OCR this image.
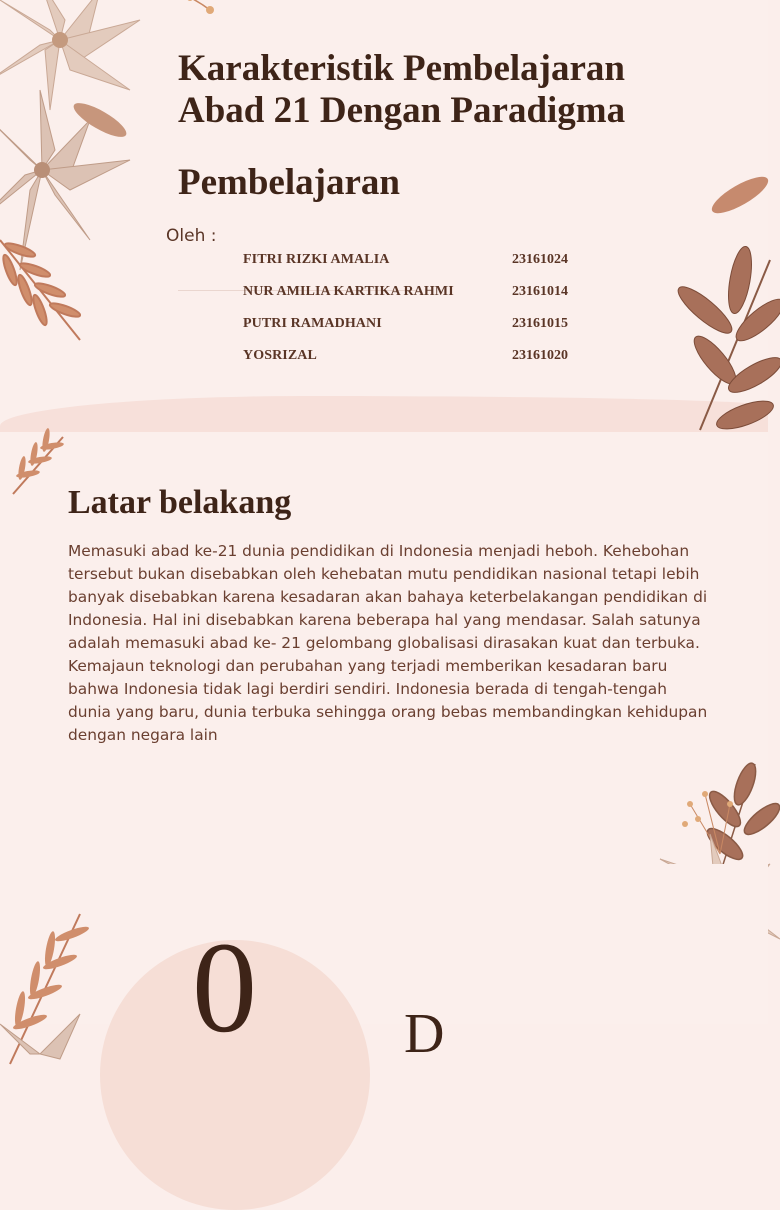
Karakteristik Pembelajaran
Abad 21 Dengan Paradigma
Pembelajaran
Oleh :
FITRI RIZKI AMALIA	23161024
NUR AMILIA KARTIKA RAHMI	23161014
PUTRI RAMADHANI	23161015
YOSRIZAL	23161020
Latar belakang

Memasuki abad ke-21 dunia pendidikan di Indonesia menjadi heboh. Kehebohan tersebut bukan disebabkan oleh kehebatan mutu pendidikan nasional tetapi lebih banyak disebabkan karena kesadaran akan bahaya keterbelakangan pendidikan di Indonesia. Hal ini disebabkan karena beberapa hal yang mendasar. Salah satunya adalah memasuki abad ke- 21 gelombang globalisasi dirasakan kuat dan terbuka. Kemajaun teknologi dan perubahan yang terjadi memberikan kesadaran baru bahwa Indonesia tidak lagi berdiri sendiri. Indonesia berada di tengah-tengah dunia yang baru, dunia terbuka sehingga orang bebas membandingkan kehidupan dengan negara lain

0	D
